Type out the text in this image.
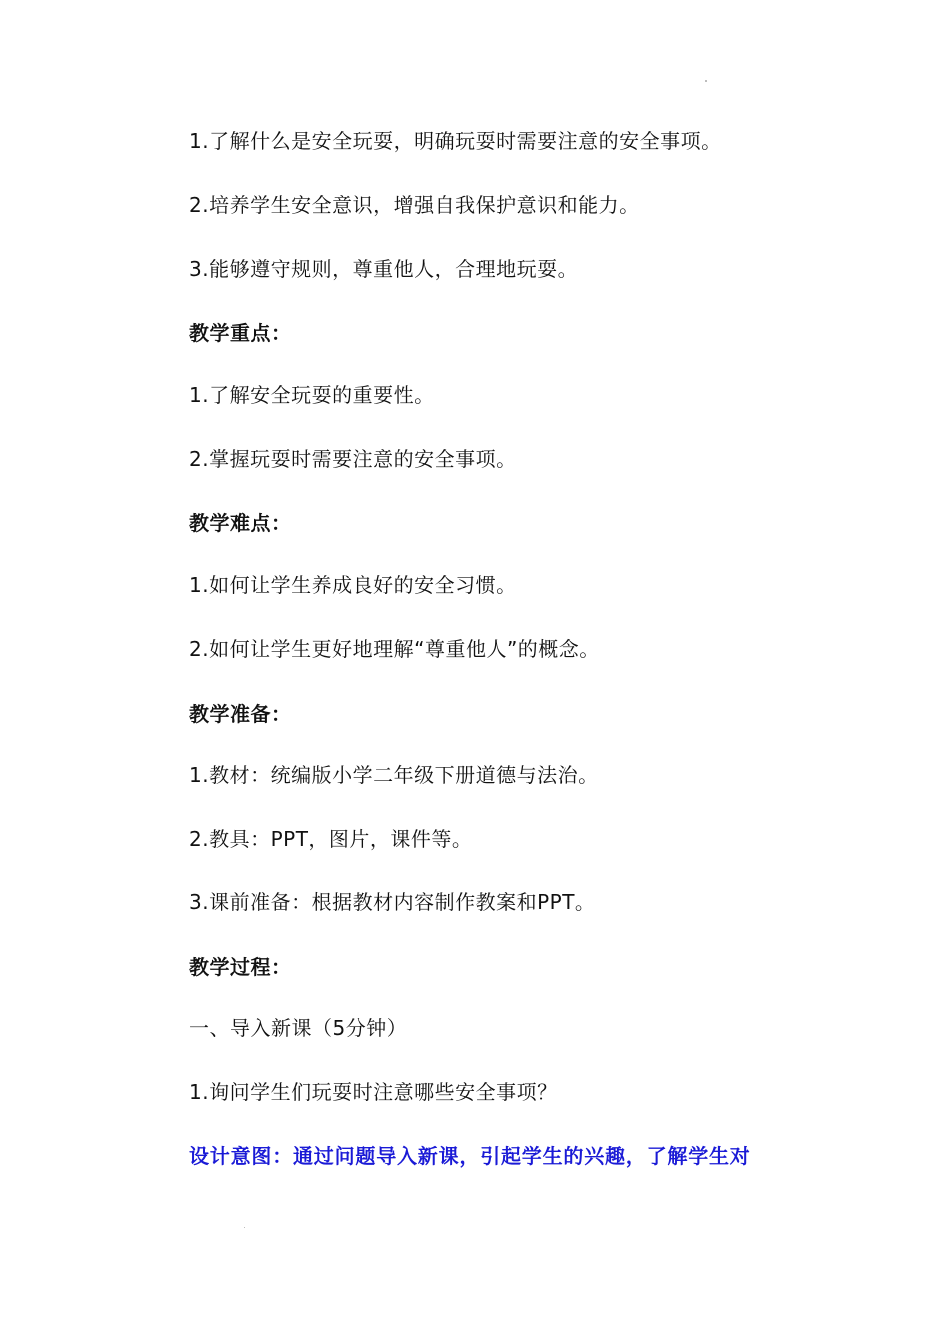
1.了解什么是安全玩耍，明确玩耍时需要注意的安全事项。
2.培养学生安全意识，增强自我保护意识和能力。
3.能够遵守规则，尊重他人，合理地玩耍。
教学重点：
1.了解安全玩耍的重要性。
2.掌握玩耍时需要注意的安全事项。
教学难点：
1.如何让学生养成良好的安全习惯。
2.如何让学生更好地理解“尊重他人”的概念。
教学准备：
1.教材：统编版小学二年级下册道德与法治。
2.教具：PPT，图片，课件等。
3.课前准备：根据教材内容制作教案和PPT。
教学过程：
一、导入新课（5分钟）
1.询问学生们玩耍时注意哪些安全事项？
设计意图：通过问题导入新课，引起学生的兴趣，了解学生对
